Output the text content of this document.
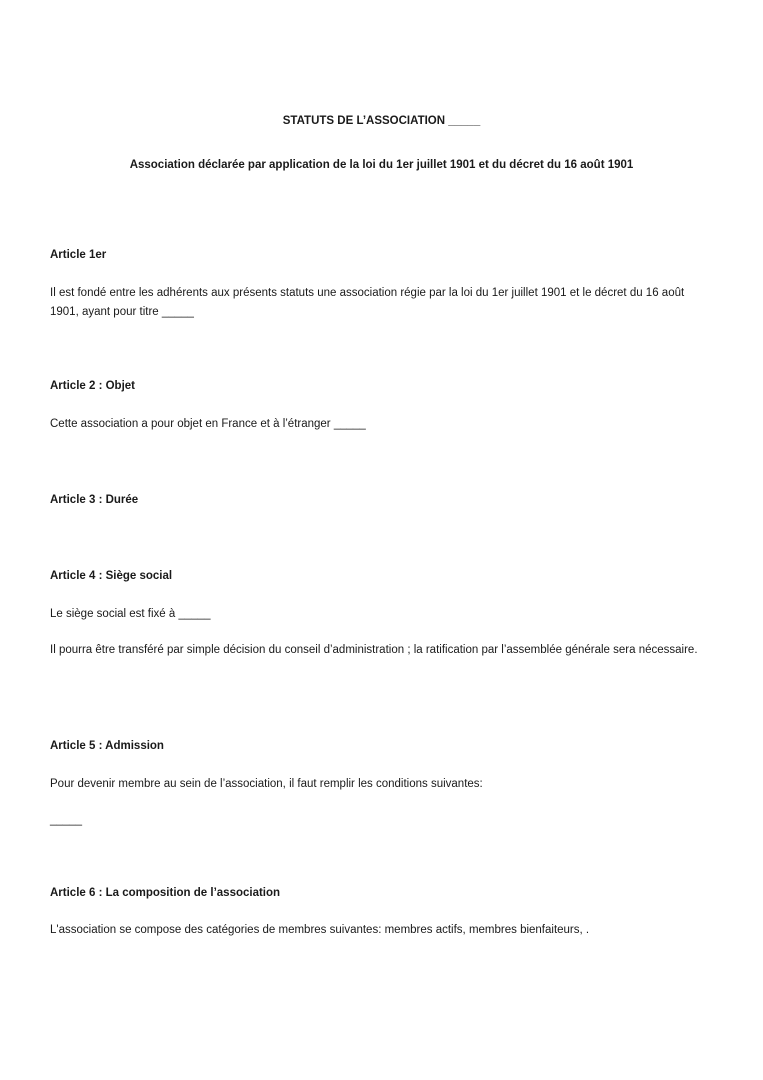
STATUTS DE L’ASSOCIATION _____
Association déclarée par application de la loi du 1er juillet 1901 et du décret du 16 août 1901
Article 1er
Il est fondé entre les adhérents aux présents statuts une association régie par la loi du 1er juillet 1901 et le décret du 16 août 1901, ayant pour titre _____
Article 2 : Objet
Cette association a pour objet en France et à l’étranger _____
Article 3 : Durée
Article 4 : Siège social
Le siège social est fixé à _____
Il pourra être transféré par simple décision du conseil d’administration ; la ratification par l’assemblée générale sera nécessaire.
Article 5 : Admission
Pour devenir membre au sein de l’association, il faut remplir les conditions suivantes:
_____
Article 6 : La composition de l’association
L'association se compose des catégories de membres suivantes: membres actifs, membres bienfaiteurs, .
